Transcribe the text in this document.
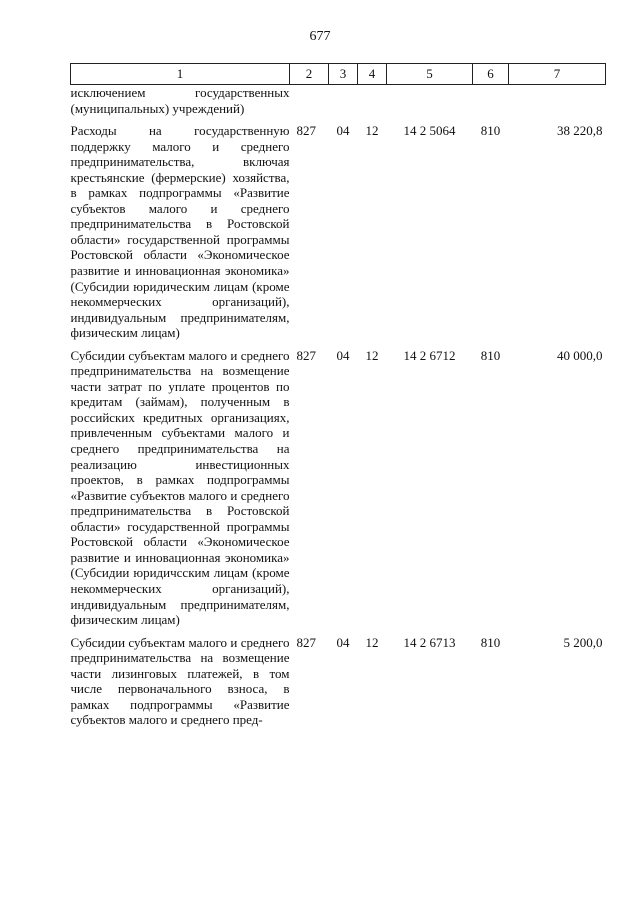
677
1	2	3	4	5	6	7
исключением государственных (муниципальных) учреждений)						
Расходы на государственную поддержку малого и среднего предпринимательства, включая крестьянские (фермерские) хозяйства, в рамках подпрограммы «Развитие субъектов малого и среднего предпринимательства в Ростовской области» государственной программы Ростовской области «Экономическое развитие и инновационная экономика» (Субсидии юридическим лицам (кроме некоммерческих организаций), индивидуальным предпринимателям, физическим лицам)	827	04	12	14 2 5064	810	38 220,8
Субсидии субъектам малого и среднего предпринимательства на возмещение части затрат по уплате процентов по кредитам (займам), полученным в российских кредитных организациях, привлеченным субъектами малого и среднего предпринимательства на реализацию инвестиционных проектов, в рамках подпрограммы «Развитие субъектов малого и среднего предпринимательства в Ростовской области» государственной программы Ростовской области «Экономическое развитие и инновационная экономика» (Субсидии юридичсским лицам (кроме некоммерческих организаций), индивидуальным предпринимателям, физическим лицам)	827	04	12	14 2 6712	810	40 000,0
Субсидии субъектам малого и среднего предпринимательства на возмещение части лизинговых платежей, в том числе первоначального взноса, в рамках подпрограммы «Развитие субъектов малого и среднего пред-	827	04	12	14 2 6713	810	5 200,0
